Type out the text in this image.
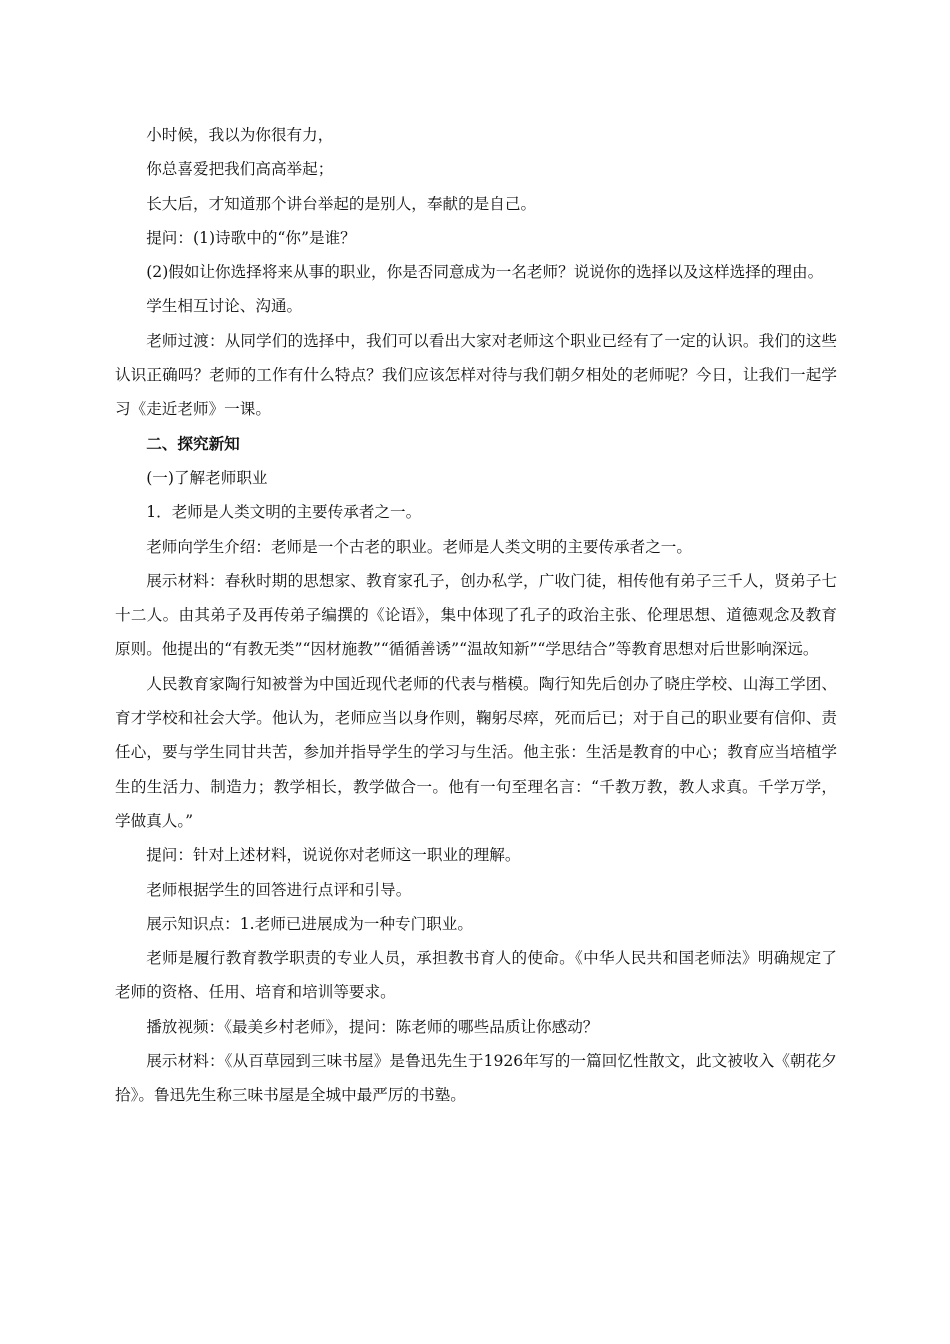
小时候，我以为你很有力，

你总喜爱把我们高高举起；

长大后，才知道那个讲台举起的是别人，奉献的是自己。

提问：(1)诗歌中的“你”是谁？

(2)假如让你选择将来从事的职业，你是否同意成为一名老师？说说你的选择以及这样选择的理由。

学生相互讨论、沟通。

老师过渡：从同学们的选择中，我们可以看出大家对老师这个职业已经有了一定的认识。我们的这些认识正确吗？老师的工作有什么特点？我们应该怎样对待与我们朝夕相处的老师呢？今日，让我们一起学习《走近老师》一课。

二、探究新知

(一)了解老师职业

1．老师是人类文明的主要传承者之一。

老师向学生介绍：老师是一个古老的职业。老师是人类文明的主要传承者之一。

展示材料：春秋时期的思想家、教育家孔子，创办私学，广收门徒，相传他有弟子三千人，贤弟子七十二人。由其弟子及再传弟子编撰的《论语》，集中体现了孔子的政治主张、伦理思想、道德观念及教育原则。他提出的“有教无类”“因材施教”“循循善诱”“温故知新”“学思结合”等教育思想对后世影响深远。

人民教育家陶行知被誉为中国近现代老师的代表与楷模。陶行知先后创办了晓庄学校、山海工学团、育才学校和社会大学。他认为，老师应当以身作则，鞠躬尽瘁，死而后已；对于自己的职业要有信仰、责任心，要与学生同甘共苦，参加并指导学生的学习与生活。他主张：生活是教育的中心；教育应当培植学生的生活力、制造力；教学相长，教学做合一。他有一句至理名言：“千教万教，教人求真。千学万学，学做真人。”

提问：针对上述材料，说说你对老师这一职业的理解。

老师根据学生的回答进行点评和引导。

展示知识点：1.老师已进展成为一种专门职业。

老师是履行教育教学职责的专业人员，承担教书育人的使命。《中华人民共和国老师法》明确规定了老师的资格、任用、培育和培训等要求。

播放视频：《最美乡村老师》，提问：陈老师的哪些品质让你感动？

展示材料：《从百草园到三味书屋》是鲁迅先生于1926年写的一篇回忆性散文，此文被收入《朝花夕拾》。鲁迅先生称三味书屋是全城中最严厉的书塾。
